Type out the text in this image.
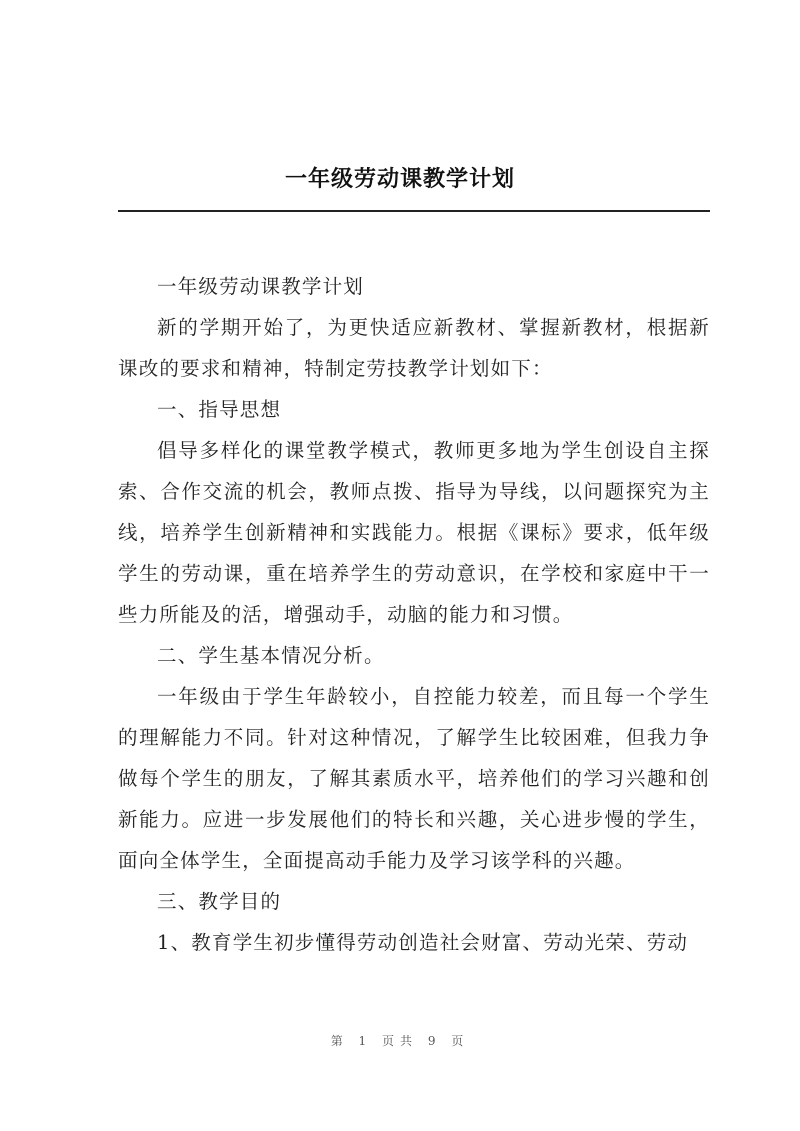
一年级劳动课教学计划

一年级劳动课教学计划

新的学期开始了，为更快适应新教材、掌握新教材，根据新课改的要求和精神，特制定劳技教学计划如下：

一、指导思想

倡导多样化的课堂教学模式，教师更多地为学生创设自主探索、合作交流的机会，教师点拨、指导为导线，以问题探究为主线，培养学生创新精神和实践能力。根据《课标》要求，低年级学生的劳动课，重在培养学生的劳动意识，在学校和家庭中干一些力所能及的活，增强动手，动脑的能力和习惯。

二、学生基本情况分析。

一年级由于学生年龄较小，自控能力较差，而且每一个学生的理解能力不同。针对这种情况，了解学生比较困难，但我力争做每个学生的朋友，了解其素质水平，培养他们的学习兴趣和创新能力。应进一步发展他们的特长和兴趣，关心进步慢的学生，面向全体学生，全面提高动手能力及学习该学科的兴趣。

三、教学目的

1、教育学生初步懂得劳动创造社会财富、劳动光荣、劳动

第 1 页共 9 页
